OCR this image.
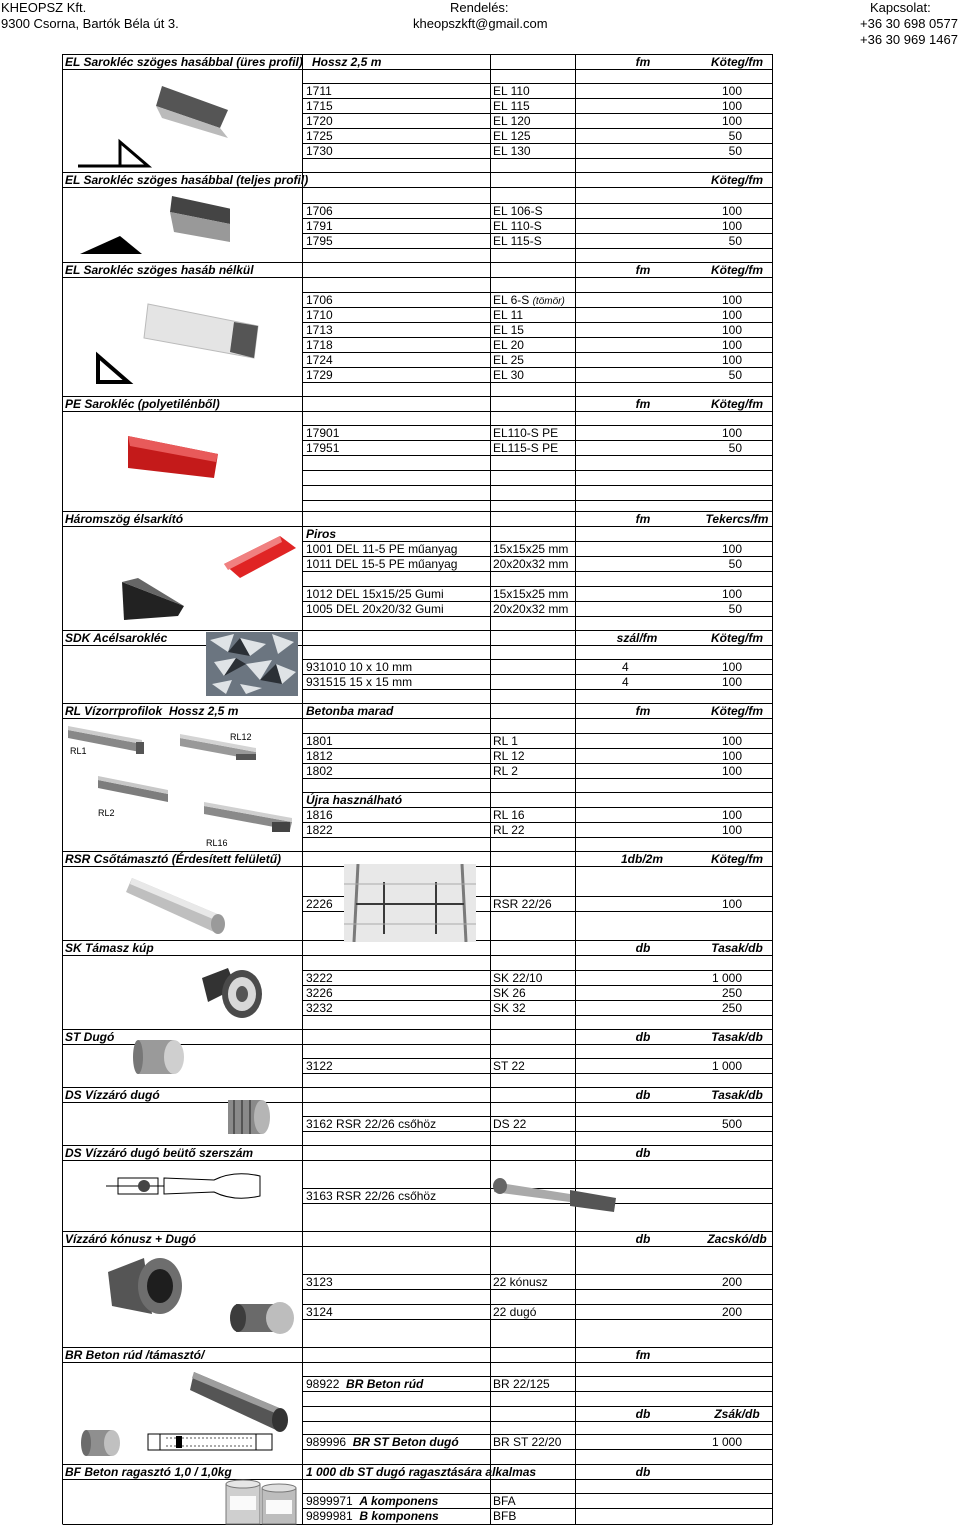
KHEOPSZ Kft.
9300 Csorna, Bartók Béla út 3.
Rendelés:
kheopszkft@gmail.com
Kapcsolat:
+36 30 698 0577
+36 30 969 1467
RL1
RL12
RL2
RL16
EL Sarokléc szöges hasábbal (üres profil) Hossz 2,5 m	fm	Köteg/fm
1711	EL 110	100
1715	EL 115	100
1720	EL 120	100
1725	EL 125	50
1730	EL 130	50
EL Sarokléc szöges hasábbal (teljes profil)	Köteg/fm
1706	EL 106-S	100
1791	EL 110-S	100
1795	EL 115-S	50
EL Sarokléc szöges hasáb nélkül	fm	Köteg/fm
1706	EL 6-S (tömör)	100
1710	EL 11	100
1713	EL 15	100
1718	EL 20	100
1724	EL 25	100
1729	EL 30	50
PE Sarokléc (polyetilénből)	fm	Köteg/fm
17901	EL110-S PE	100
17951	EL115-S PE	50
Háromszög élsarkító	fm	Tekercs/fm
Piros
1001 DEL 11-5 PE műanyag	15x15x25 mm	100
1011 DEL 15-5 PE műanyag	20x20x32 mm	50
1012 DEL 15x15/25 Gumi	15x15x25 mm	100
1005 DEL 20x20/32 Gumi	20x20x32 mm	50
SDK Acélsarokléc	szál/fm	Köteg/fm
931010 10 x 10 mm	4	100
931515 15 x 15 mm	4	100
RL Vízorrprofilok Hossz 2,5 m	Betonba marad	fm	Köteg/fm
1801	RL 1	100
1812	RL 12	100
1802	RL 2	100
Újra használható
1816	RL 16	100
1822	RL 22	100
RSR Csőtámasztó (Érdesített felületű)	1db/2m	Köteg/fm
2226	RSR 22/26	100
SK Támasz kúp	db	Tasak/db
3222	SK 22/10	1 000
3226	SK 26	250
3232	SK 32	250
ST Dugó	db	Tasak/db
3122	ST 22	1 000
DS Vízzáró dugó	db	Tasak/db
3162 RSR 22/26 csőhöz	DS 22	500
DS Vízzáró dugó beütő szerszám	db
3163 RSR 22/26 csőhöz
Vízzáró kónusz + Dugó	db	Zacskó/db
3123	22 kónusz	200
3124	22 dugó	200
BR Beton rúd /támasztó/	fm
98922 BR Beton rúd	BR 22/125
db	Zsák/db
989996 BR ST Beton dugó	BR ST 22/20	1 000
BF Beton ragasztó 1,0 / 1,0kg	1 000 db ST dugó ragasztására alkalmas	db
9899971 A komponens	BFA
9899981 B komponens	BFB
